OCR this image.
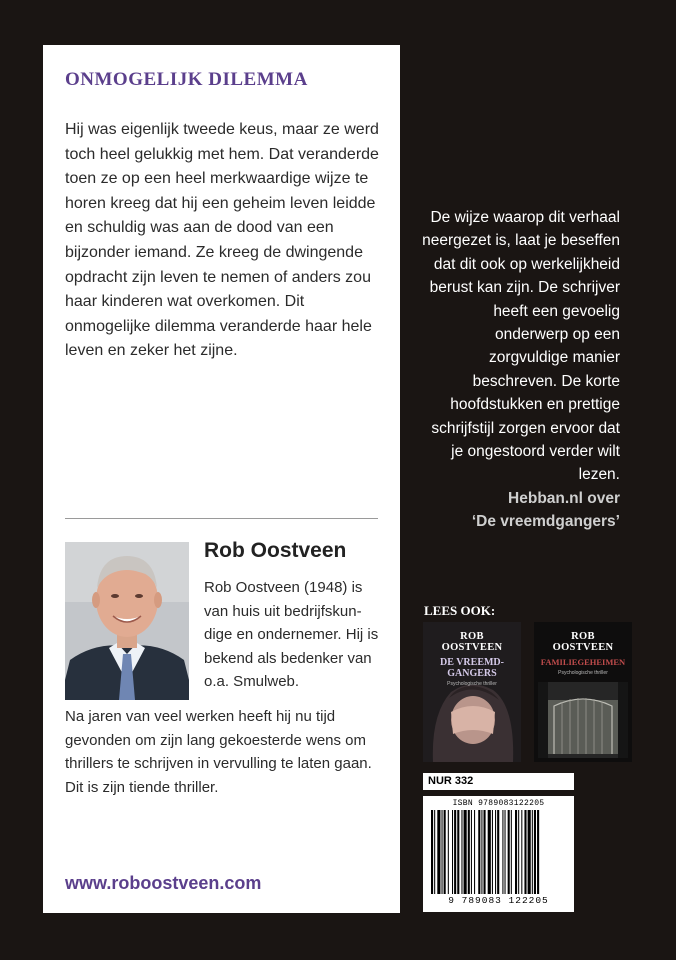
ONMOGELIJK DILEMMA
Hij was eigenlijk tweede keus, maar ze werd toch heel gelukkig met hem. Dat veranderde toen ze op een heel merkwaardige wijze te horen kreeg dat hij een geheim leven leidde en schuldig was aan de dood van een bijzonder iemand. Ze kreeg de dwingende opdracht zijn leven te nemen of anders zou haar kinderen wat overkomen. Dit onmogelijke dilemma veranderde haar hele leven en zeker het zijne.
Rob Oostveen
Rob Oostveen (1948) is van huis uit bedrijfskundige en ondernemer. Hij is bekend als bedenker van o.a. Smulweb.
Na jaren van veel werken heeft hij nu tijd gevonden om zijn lang gekoesterde wens om thrillers te schrijven in vervulling te laten gaan. Dit is zijn tiende thriller.
www.roboostveen.com
De wijze waarop dit verhaal neergezet is, laat je beseffen dat dit ook op werkelijkheid berust kan zijn. De schrijver heeft een gevoelig onderwerp op een zorgvuldige manier beschreven. De korte hoofdstukken en prettige schrijfstijl zorgen ervoor dat je ongestoord verder wilt lezen.
Hebban.nl over
‘De vreemdgangers’
LEES OOK:
ROB
OOSTVEEN
DE VREEMD-
GANGERS
Psychologische thriller
ROB
OOSTVEEN
FAMILIEGEHEIMEN
Psychologische thriller
NUR 332
ISBN 9789083122205
9 789083 122205
